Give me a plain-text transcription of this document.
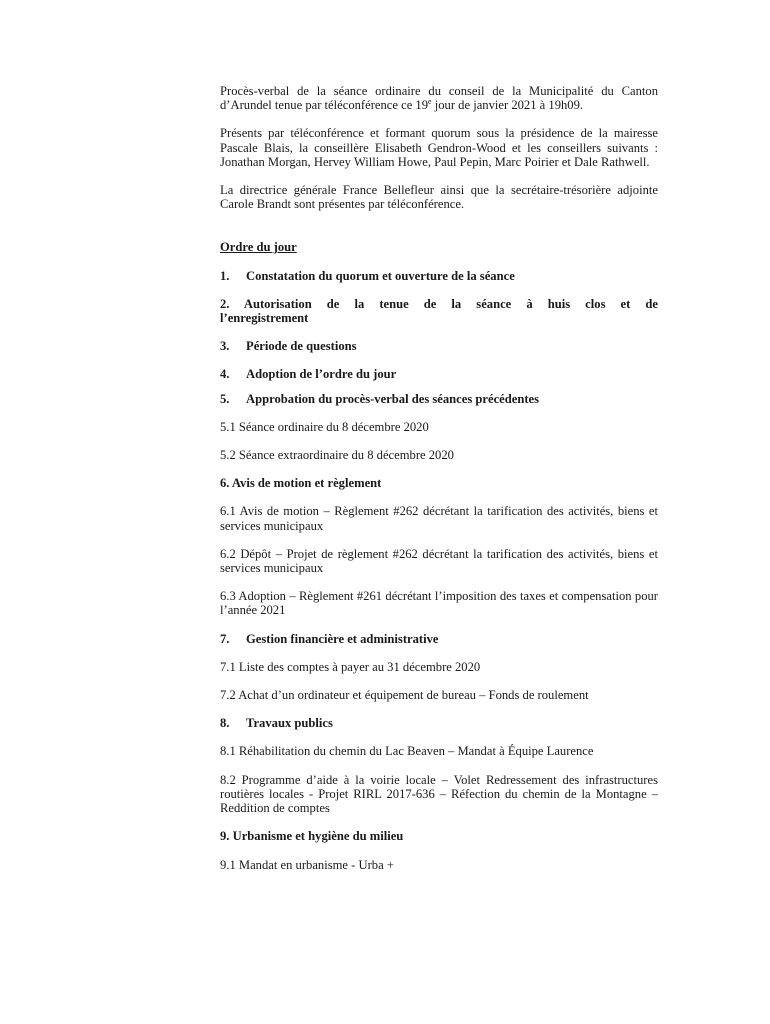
Procès-verbal de la séance ordinaire du conseil de la Municipalité du Canton d’Arundel tenue par téléconférence ce 19e jour de janvier 2021 à 19h09.

Présents par téléconférence et formant quorum sous la présidence de la mairesse Pascale Blais, la conseillère Elisabeth Gendron-Wood et les conseillers suivants : Jonathan Morgan, Hervey William Howe, Paul Pepin, Marc Poirier et Dale Rathwell.

La directrice générale France Bellefleur ainsi que la secrétaire-trésorière adjointe Carole Brandt sont présentes par téléconférence.

Ordre du jour

1. Constatation du quorum et ouverture de la séance

2. Autorisation de la tenue de la séance à huis clos et de l’enregistrement

3. Période de questions

4. Adoption de l’ordre du jour

5. Approbation du procès-verbal des séances précédentes

5.1 Séance ordinaire du 8 décembre 2020

5.2 Séance extraordinaire du 8 décembre 2020

6. Avis de motion et règlement

6.1 Avis de motion – Règlement #262 décrétant la tarification des activités, biens et services municipaux

6.2 Dépôt – Projet de règlement #262 décrétant la tarification des activités, biens et services municipaux

6.3 Adoption – Règlement #261 décrétant l’imposition des taxes et compensation pour l’année 2021

7. Gestion financière et administrative

7.1 Liste des comptes à payer au 31 décembre 2020

7.2 Achat d’un ordinateur et équipement de bureau – Fonds de roulement

8. Travaux publics

8.1 Réhabilitation du chemin du Lac Beaven – Mandat à Équipe Laurence

8.2 Programme d’aide à la voirie locale – Volet Redressement des infrastructures routières locales - Projet RIRL 2017-636 – Réfection du chemin de la Montagne – Reddition de comptes

9. Urbanisme et hygiène du milieu

9.1 Mandat en urbanisme - Urba +
